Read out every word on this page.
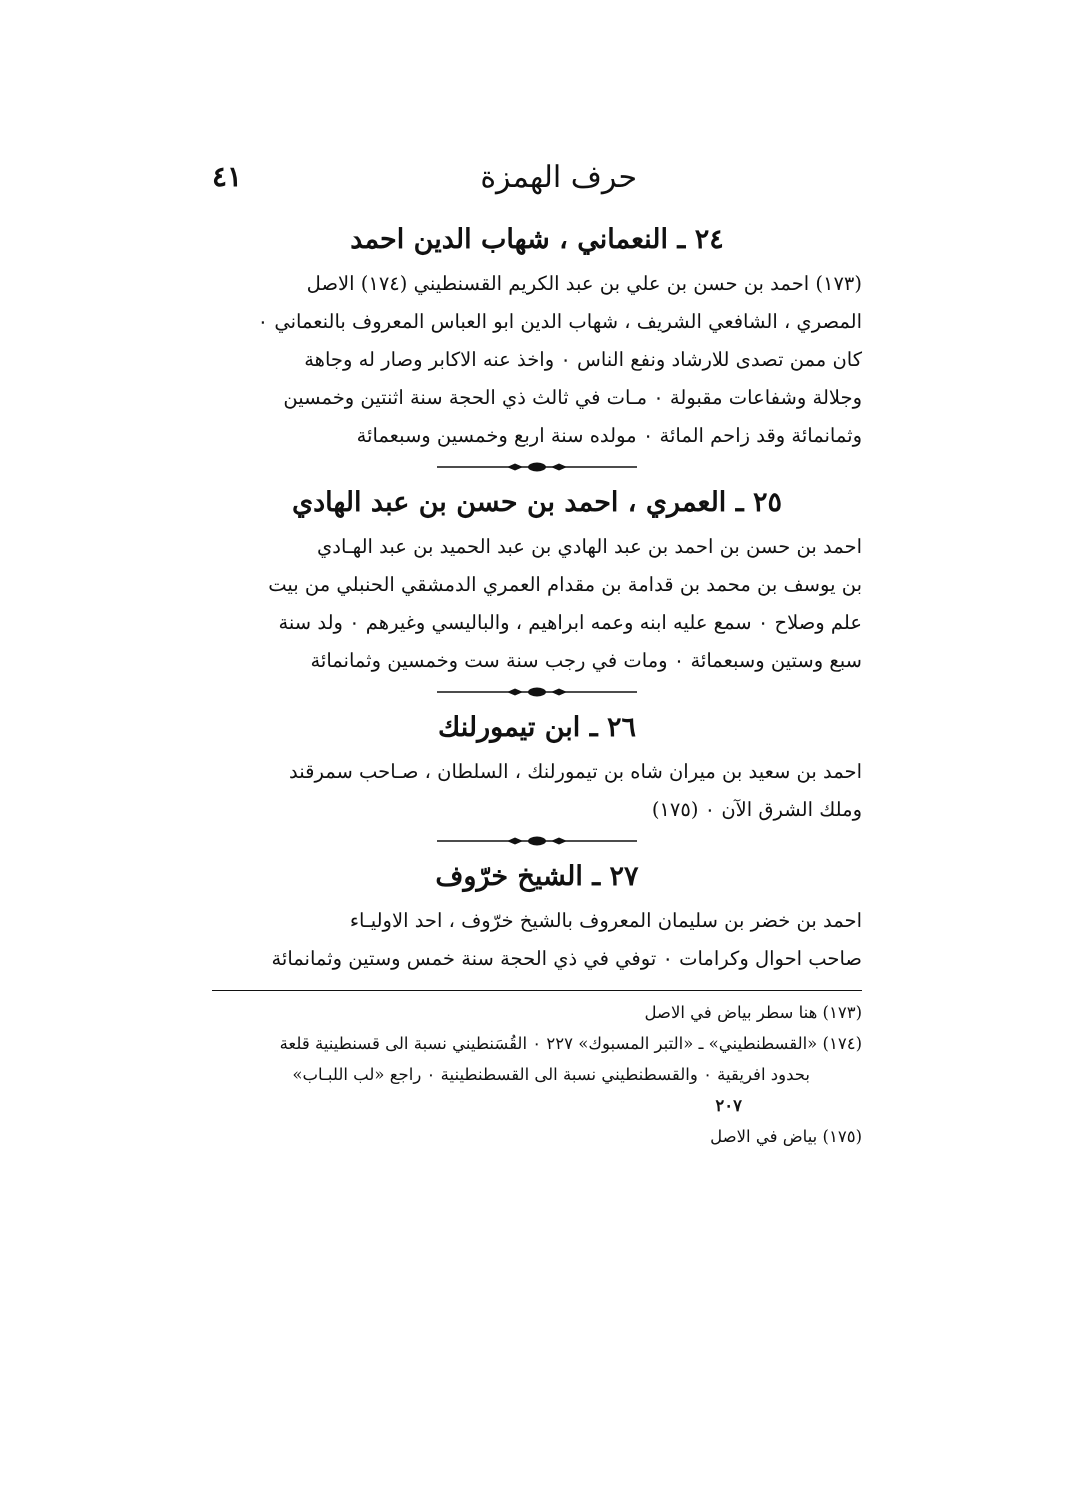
حرف الهمزة
٤١
٢٤ ـ النعماني ، شهاب الدين احمد

(١٧٣) احمد بن حسن بن علي بن عبد الكريم القسنطيني (١٧٤) الاصل

المصري ، الشافعي الشريف ، شهاب الدين ابو العباس المعروف بالنعماني ٠

كان ممن تصدى للارشاد ونفع الناس ٠ واخذ عنه الاكابر وصار له وجاهة

وجلالة وشفاعات مقبولة ٠ مـات في ثالث ذي الحجة سنة اثنتين وخمسين

وثمانمائة وقد زاحم المائة ٠ مولده سنة اربع وخمسين وسبعمائة

٢٥ ـ العمري ، احمد بن حسن بن عبد الهادي

احمد بن حسن بن احمد بن عبد الهادي بن عبد الحميد بن عبد الهـادي

بن يوسف بن محمد بن قدامة بن مقدام العمري الدمشقي الحنبلي من بيت

علم وصلاح ٠ سمع عليه ابنه وعمه ابراهيم ، والباليسي وغيرهم ٠ ولد سنة

سبع وستين وسبعمائة ٠ ومات في رجب سنة ست وخمسين وثمانمائة

٢٦ ـ ابن تيمورلنك

احمد بن سعيد بن ميران شاه بن تيمورلنك ، السلطان ، صـاحب سمرقند

وملك الشرق الآن ٠ (١٧٥)

٢٧ ـ الشيخ خرّوف

احمد بن خضر بن سليمان المعروف بالشيخ خرّوف ، احد الاوليـاء

صاحب احوال وكرامات ٠ توفي في ذي الحجة سنة خمس وستين وثمانمائة

(١٧٣) هنا سطر بياض في الاصل

(١٧٤) «القسطنطيني» ـ «التبر المسبوك» ٢٢٧ ٠ القُسَنطيني نسبة الى قسنطينية قلعة

بحدود افريقية ٠ والقسطنطيني نسبة الى القسطنطينية ٠ راجع «لب اللبـاب»

٢٠٧

(١٧٥) بياض في الاصل
